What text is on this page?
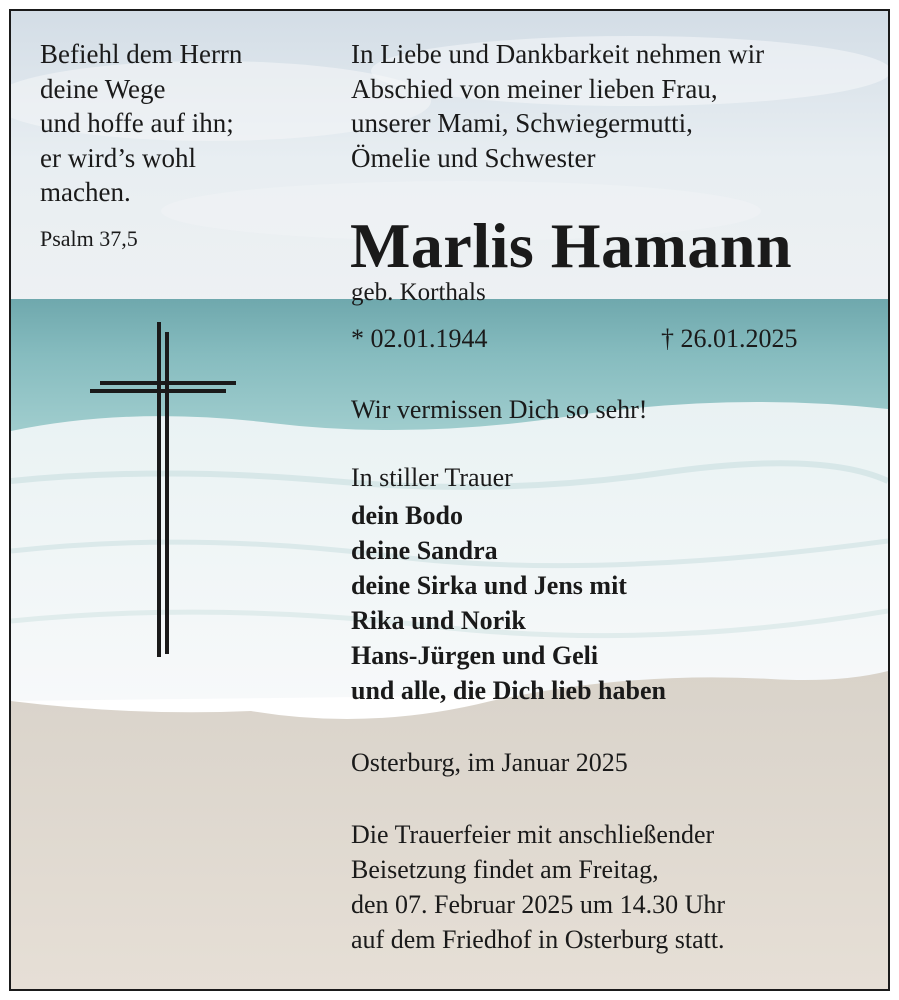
Befiehl dem Herrn
deine Wege
und hoffe auf ihn;
er wird’s wohl
machen.
Psalm 37,5
In Liebe und Dankbarkeit nehmen wir
Abschied von meiner lieben Frau,
unserer Mami, Schwiegermutti,
Ömelie und Schwester
Marlis Hamann
geb. Korthals
* 02.01.1944	† 26.01.2025
Wir vermissen Dich so sehr!
In stiller Trauer
dein Bodo
deine Sandra
deine Sirka und Jens mit
Rika und Norik
Hans-Jürgen und Geli
und alle, die Dich lieb haben
Osterburg, im Januar 2025
Die Trauerfeier mit anschließender
Beisetzung findet am Freitag,
den 07. Februar 2025 um 14.30 Uhr
auf dem Friedhof in Osterburg statt.
